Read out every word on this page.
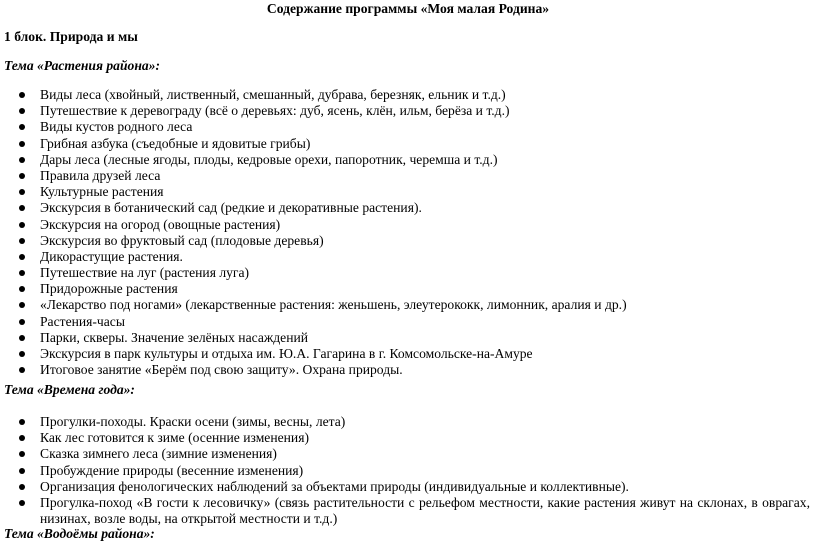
Содержание программы «Моя малая Родина»

1 блок. Природа и мы

Тема «Растения района»:

Виды леса (хвойный, лиственный, смешанный, дубрава, березняк, ельник и т.д.)
Путешествие к деревограду (всё о деревьях: дуб, ясень, клён, ильм, берёза и т.д.)
Виды кустов родного леса
Грибная азбука (съедобные и ядовитые грибы)
Дары леса (лесные ягоды, плоды, кедровые орехи, папоротник, черемша и т.д.)
Правила друзей леса
Культурные растения
Экскурсия в ботанический сад (редкие и декоративные растения).
Экскурсия на огород (овощные растения)
Экскурсия во фруктовый сад (плодовые деревья)
Дикорастущие растения.
Путешествие на луг (растения луга)
Придорожные растения
«Лекарство под ногами» (лекарственные растения: женьшень, элеутерококк, лимонник, аралия и др.)
Растения-часы
Парки, скверы. Значение зелёных насаждений
Экскурсия в парк культуры и отдыха им. Ю.А. Гагарина в г. Комсомольске-на-Амуре
Итоговое занятие «Берём под свою защиту». Охрана природы.

Тема «Времена года»:

Прогулки-походы. Краски осени (зимы, весны, лета)
Как лес готовится к зиме (осенние изменения)
Сказка зимнего леса (зимние изменения)
Пробуждение природы (весенние изменения)
Организация фенологических наблюдений за объектами природы (индивидуальные и коллективные).
Прогулка-поход «В гости к лесовичку» (связь растительности с рельефом местности, какие растения живут на склонах, в оврагах, низинах, возле воды, на открытой местности и т.д.)

Тема «Водоёмы района»:
